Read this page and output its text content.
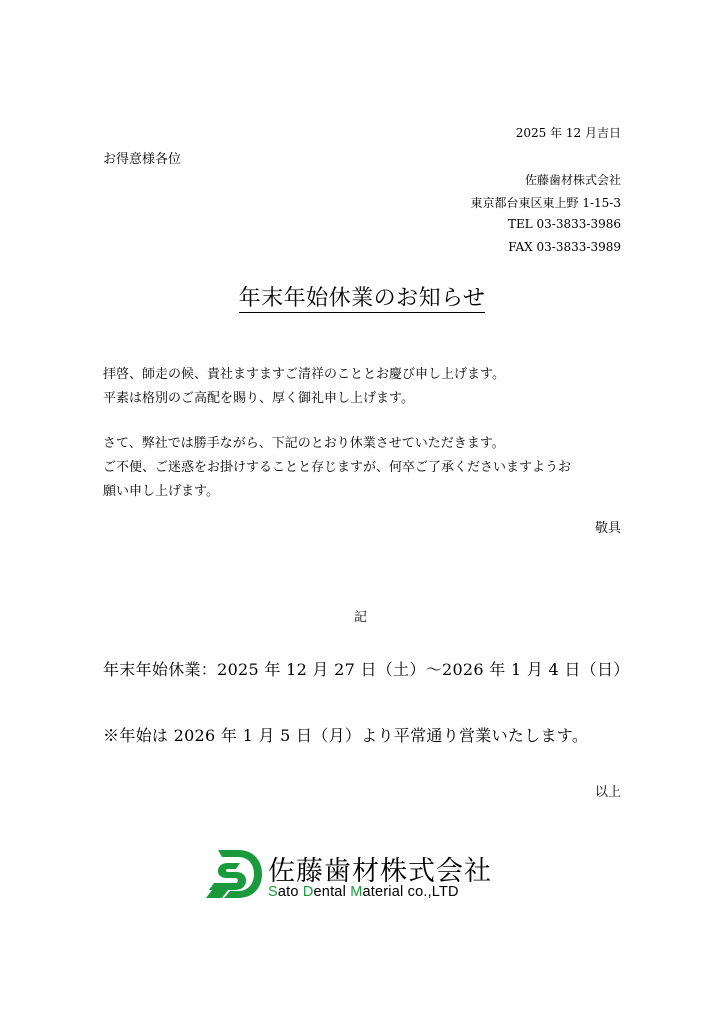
2025 年 12 月吉日
お得意様各位
佐藤歯材株式会社
東京都台東区東上野 1-15-3
TEL 03-3833-3986
FAX 03-3833-3989
年末年始休業のお知らせ
拝啓、師走の候、貴社ますますご清祥のこととお慶び申し上げます。
平素は格別のご高配を賜り、厚く御礼申し上げます。
さて、弊社では勝手ながら、下記のとおり休業させていただきます。
ご不便、ご迷惑をお掛けすることと存じますが、何卒ご了承くださいますようお
願い申し上げます。
敬具
記
年末年始休業：2025 年 12 月 27 日（土）～2026 年 1 月 4 日（日）
※年始は 2026 年 1 月 5 日（月）より平常通り営業いたします。
以上
佐藤歯材株式会社
Sato Dental Material co.,LTD
